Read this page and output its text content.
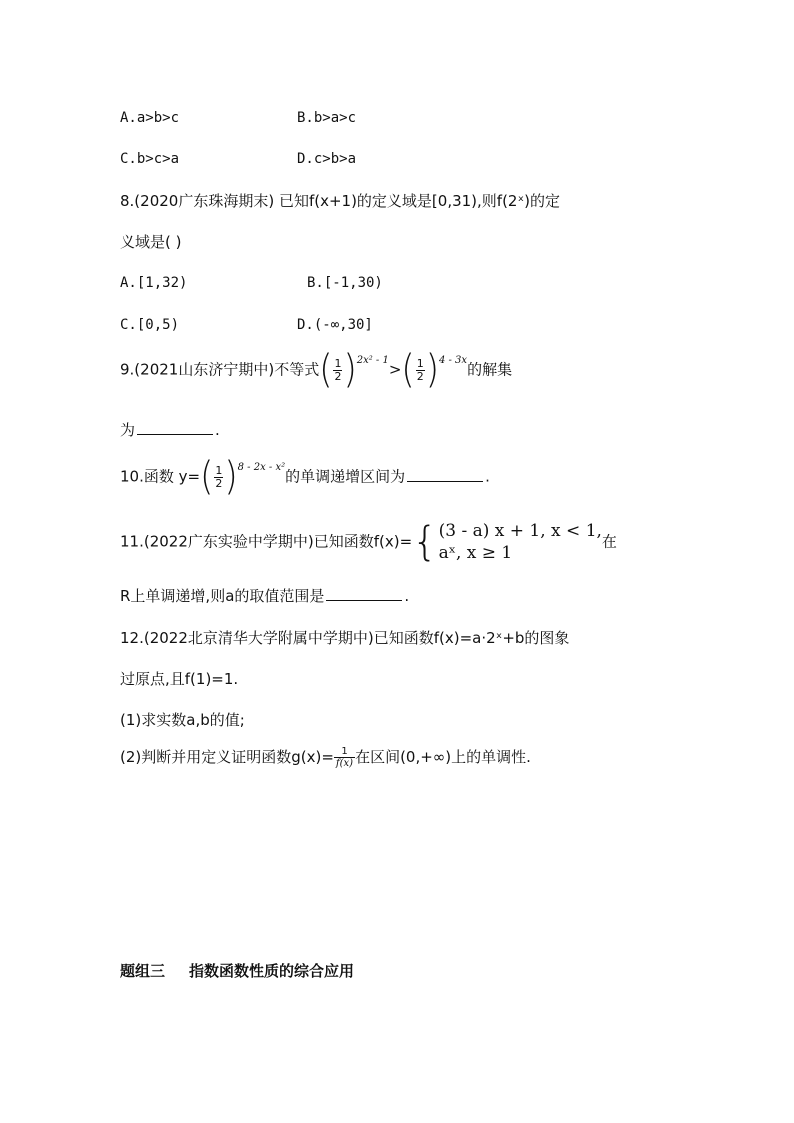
A.a>b>c	B.b>a>c
C.b>c>a	D.c>b>a
8.(2020广东珠海期末) 已知f(x+1)的定义域是[0,31),则f(2ˣ)的定
义域是( )
A.[1,32)	B.[-1,30)
C.[0,5)	D.(-∞,30]
9.(2021山东济宁期中)不等式( $\frac{1}{2} )^{2x^2 - 1}>( \frac{1}{2} )^{4 - 3x}$的解集
为	.
10.函数 $y=( \frac{1}{2} )^{8 - 2x - x^2}$的单调递增区间为	.
11.(2022广东实验中学期中)已知函数f(x)={ (3 - a) x + 1, x < 1,
aˣ, x ≥ 1
在
R上单调递增,则a的取值范围是	.
12.(2022北京清华大学附属中学期中)已知函数f(x)=a·2ˣ+b的图象
过原点,且f(1)=1.
(1)求实数a,b的值;
(2)判断并用定义证明函数$g(x)= \frac{1}{f(x)}$ 在区间(0,+∞)上的单调性.
题组三 指数函数性质的综合应用
